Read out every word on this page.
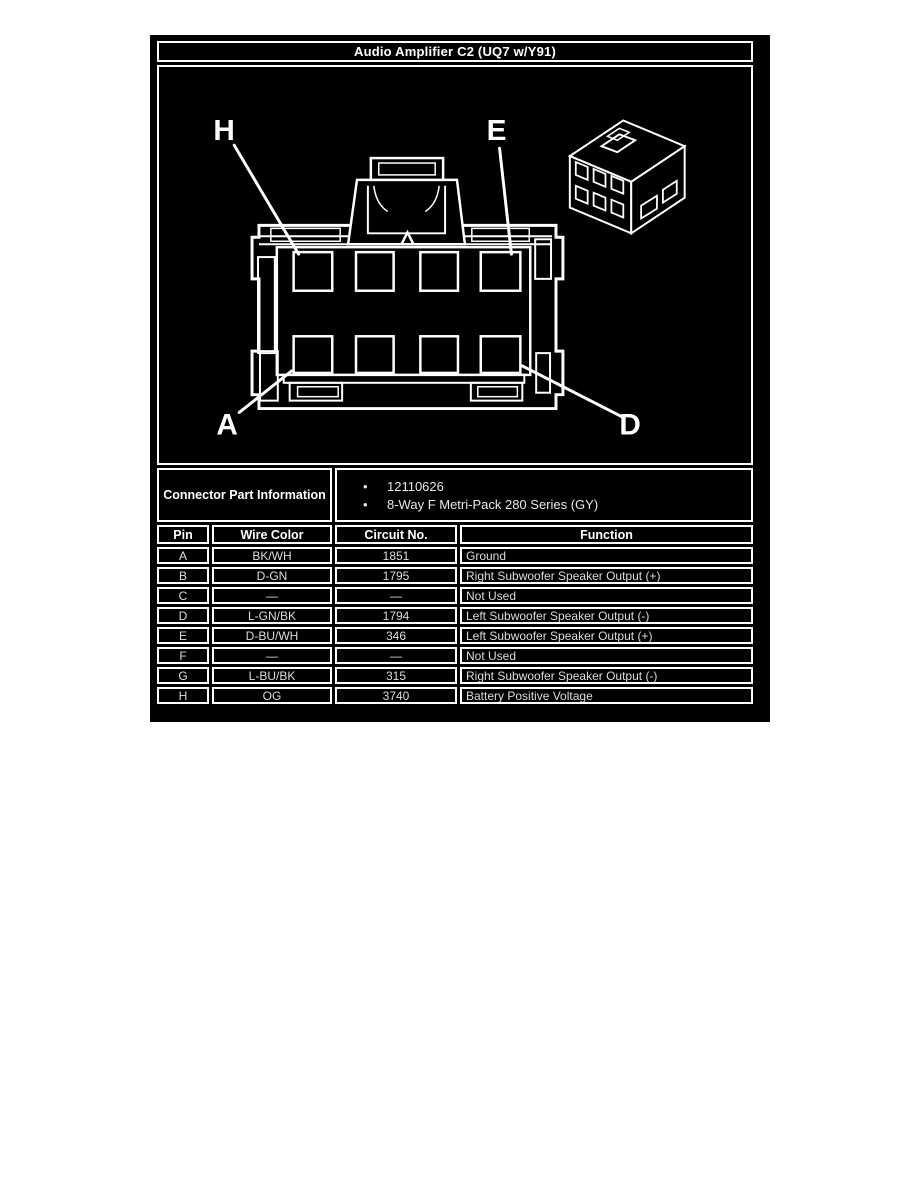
Audio Amplifier C2 (UQ7 w/Y91)
H	E
A	D
Connector Part Information
•	12110626
•	8-Way F Metri-Pack 280 Series (GY)
Pin	Wire Color	Circuit No.	Function
A	BK/WH	1851	Ground
B	D-GN	1795	Right Subwoofer Speaker Output (+)
C	—	—	Not Used
D	L-GN/BK	1794	Left Subwoofer Speaker Output (-)
E	D-BU/WH	346	Left Subwoofer Speaker Output (+)
F	—	—	Not Used
G	L-BU/BK	315	Right Subwoofer Speaker Output (-)
H	OG	3740	Battery Positive Voltage
